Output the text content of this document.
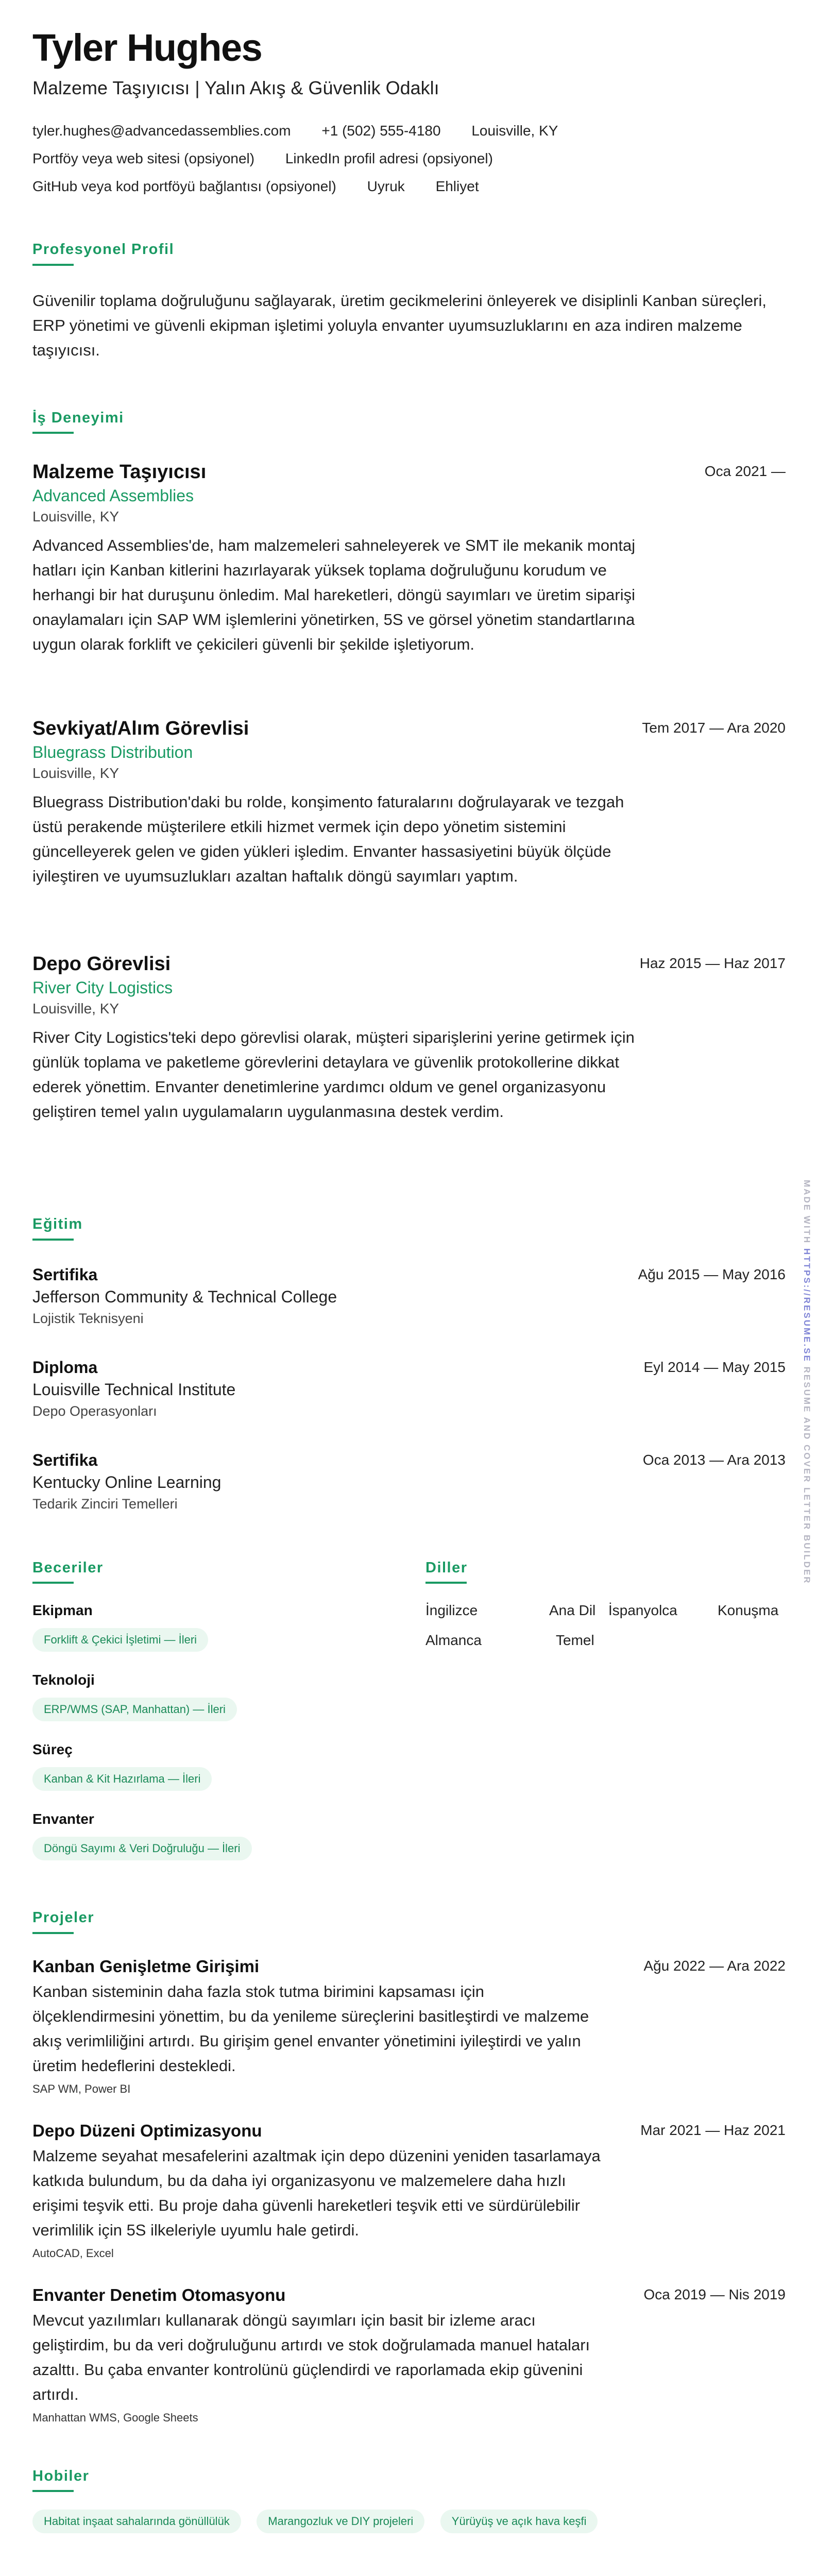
Tyler Hughes
Malzeme Taşıyıcısı | Yalın Akış & Güvenlik Odaklı
tyler.hughes@advancedassemblies.com +1 (502) 555-4180 Louisville, KY
Portföy veya web sitesi (opsiyonel) LinkedIn profil adresi (opsiyonel)
GitHub veya kod portföyü bağlantısı (opsiyonel) Uyruk Ehliyet
Profesyonel Profil
Güvenilir toplama doğruluğunu sağlayarak, üretim gecikmelerini önleyerek ve disiplinli Kanban süreçleri, ERP yönetimi ve güvenli ekipman işletimi yoluyla envanter uyumsuzluklarını en aza indiren malzeme taşıyıcısı.
İş Deneyimi
Malzeme Taşıyıcısı	Oca 2021 —
Advanced Assemblies
Louisville, KY
Advanced Assemblies'de, ham malzemeleri sahneleyerek ve SMT ile mekanik montaj hatları için Kanban kitlerini hazırlayarak yüksek toplama doğruluğunu korudum ve herhangi bir hat duruşunu önledim. Mal hareketleri, döngü sayımları ve üretim siparişi onaylamaları için SAP WM işlemlerini yönetirken, 5S ve görsel yönetim standartlarına uygun olarak forklift ve çekicileri güvenli bir şekilde işletiyorum.
Sevkiyat/Alım Görevlisi	Tem 2017 — Ara 2020
Bluegrass Distribution
Louisville, KY
Bluegrass Distribution'daki bu rolde, konşimento faturalarını doğrulayarak ve tezgah üstü perakende müşterilere etkili hizmet vermek için depo yönetim sistemini güncelleyerek gelen ve giden yükleri işledim. Envanter hassasiyetini büyük ölçüde iyileştiren ve uyumsuzlukları azaltan haftalık döngü sayımları yaptım.
Depo Görevlisi	Haz 2015 — Haz 2017
River City Logistics
Louisville, KY
River City Logistics'teki depo görevlisi olarak, müşteri siparişlerini yerine getirmek için günlük toplama ve paketleme görevlerini detaylara ve güvenlik protokollerine dikkat ederek yönettim. Envanter denetimlerine yardımcı oldum ve genel organizasyonu geliştiren temel yalın uygulamaların uygulanmasına destek verdim.
Eğitim
Sertifika	Ağu 2015 — May 2016
Jefferson Community & Technical College
Lojistik Teknisyeni
Diploma	Eyl 2014 — May 2015
Louisville Technical Institute
Depo Operasyonları
Sertifika	Oca 2013 — Ara 2013
Kentucky Online Learning
Tedarik Zinciri Temelleri
Beceriler
Ekipman
Forklift & Çekici İşletimi — İleri
Teknoloji
ERP/WMS (SAP, Manhattan) — İleri
Süreç
Kanban & Kit Hazırlama — İleri
Envanter
Döngü Sayımı & Veri Doğruluğu — İleri
Diller
İngilizce	Ana Dil İspanyolca	Konuşma
Almanca	Temel
Projeler
Kanban Genişletme Girişimi	Ağu 2022 — Ara 2022
Kanban sisteminin daha fazla stok tutma birimini kapsaması için ölçeklendirmesini yönettim, bu da yenileme süreçlerini basitleştirdi ve malzeme akış verimliliğini artırdı. Bu girişim genel envanter yönetimini iyileştirdi ve yalın üretim hedeflerini destekledi.
SAP WM, Power BI
Depo Düzeni Optimizasyonu	Mar 2021 — Haz 2021
Malzeme seyahat mesafelerini azaltmak için depo düzenini yeniden tasarlamaya katkıda bulundum, bu da daha iyi organizasyonu ve malzemelere daha hızlı erişimi teşvik etti. Bu proje daha güvenli hareketleri teşvik etti ve sürdürülebilir verimlilik için 5S ilkeleriyle uyumlu hale getirdi.
AutoCAD, Excel
Envanter Denetim Otomasyonu	Oca 2019 — Nis 2019
Mevcut yazılımları kullanarak döngü sayımları için basit bir izleme aracı geliştirdim, bu da veri doğruluğunu artırdı ve stok doğrulamada manuel hataları azalttı. Bu çaba envanter kontrolünü güçlendirdi ve raporlamada ekip güvenini artırdı.
Manhattan WMS, Google Sheets
Hobiler
Habitat inşaat sahalarında gönüllülük	Marangozluk ve DIY projeleri	Yürüyüş ve açık hava keşfi
MADE WITH HTTPS://RESUME.SE RESUME AND COVER LETTER BUILDER
